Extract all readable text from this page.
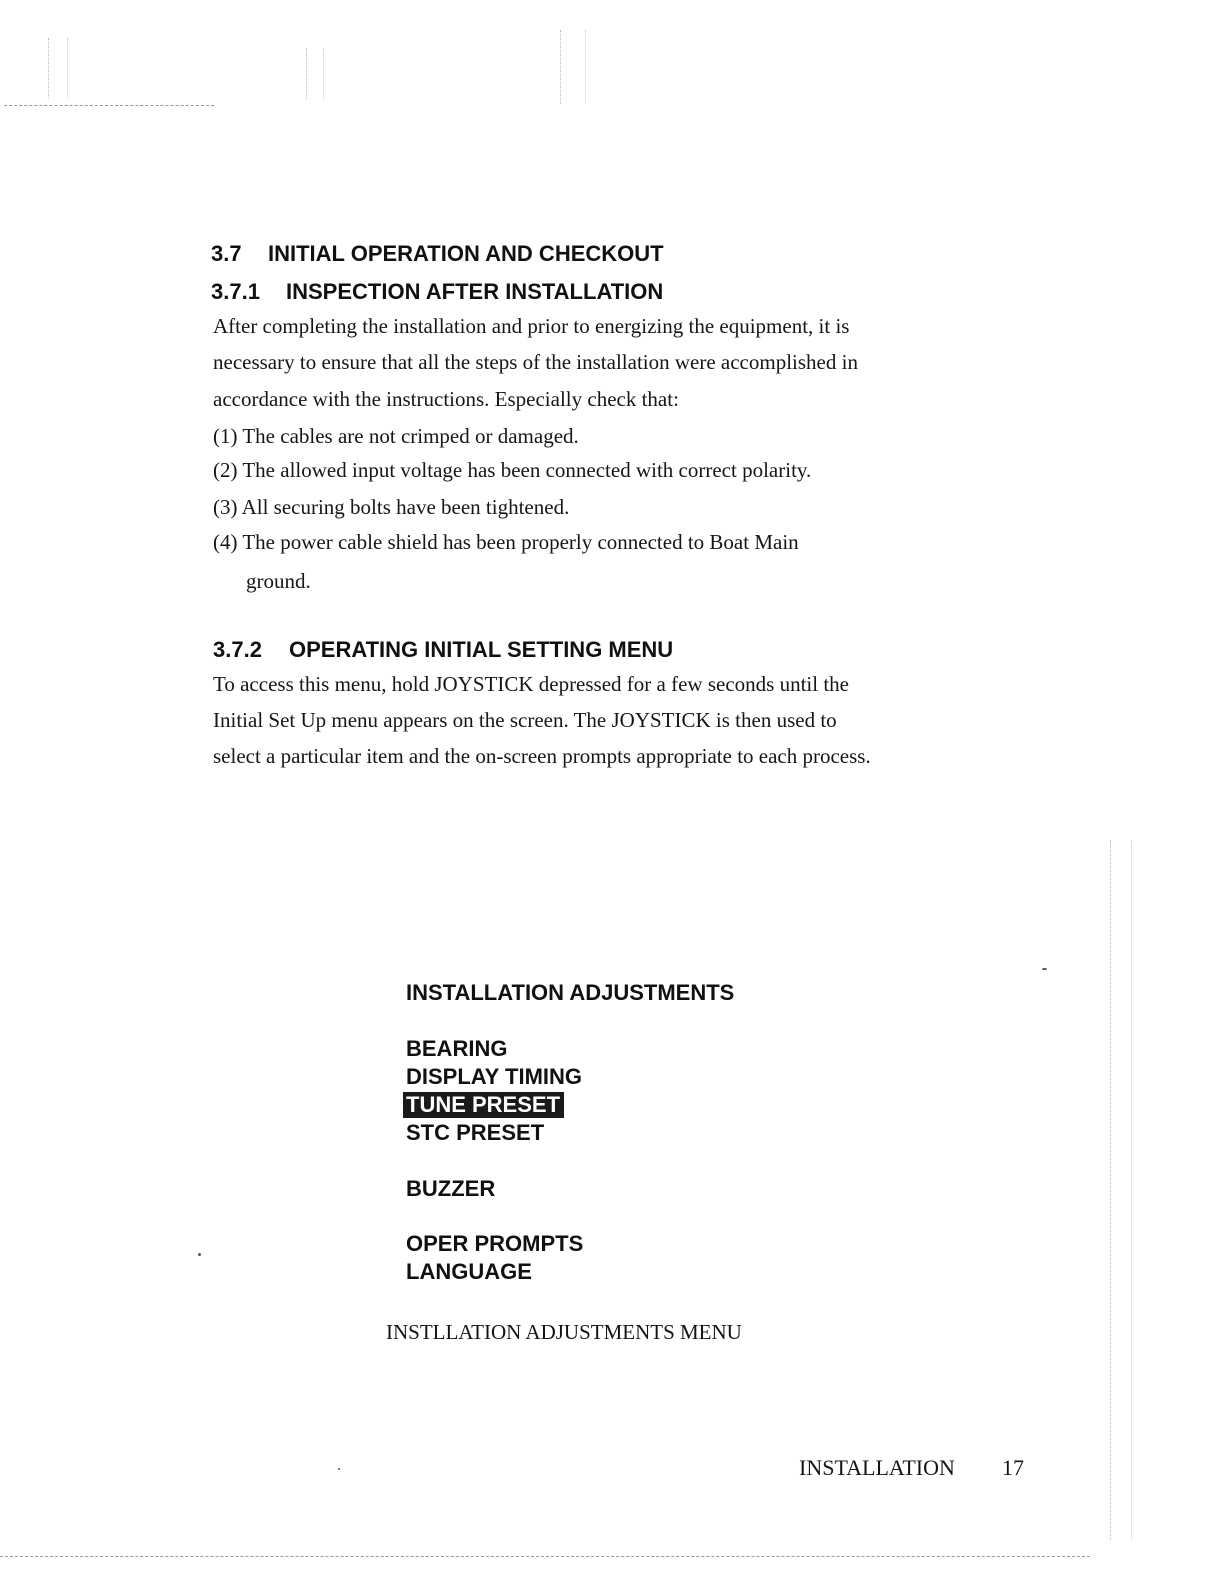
3.7 INITIAL OPERATION AND CHECKOUT
3.7.1 INSPECTION AFTER INSTALLATION
After completing the installation and prior to energizing the equipment, it is
necessary to ensure that all the steps of the installation were accomplished in
accordance with the instructions. Especially check that:
(1) The cables are not crimped or damaged.
(2) The allowed input voltage has been connected with correct polarity.
(3) All securing bolts have been tightened.
(4) The power cable shield has been properly connected to Boat Main
ground.
3.7.2 OPERATING INITIAL SETTING MENU
To access this menu, hold JOYSTICK depressed for a few seconds until the
Initial Set Up menu appears on the screen. The JOYSTICK is then used to
select a particular item and the on-screen prompts appropriate to each process.
INSTALLATION ADJUSTMENTS
BEARING
DISPLAY TIMING
TUNE PRESET
STC PRESET
BUZZER
OPER PROMPTS
LANGUAGE
INSTLLATION ADJUSTMENTS MENU
INSTALLATION 17
